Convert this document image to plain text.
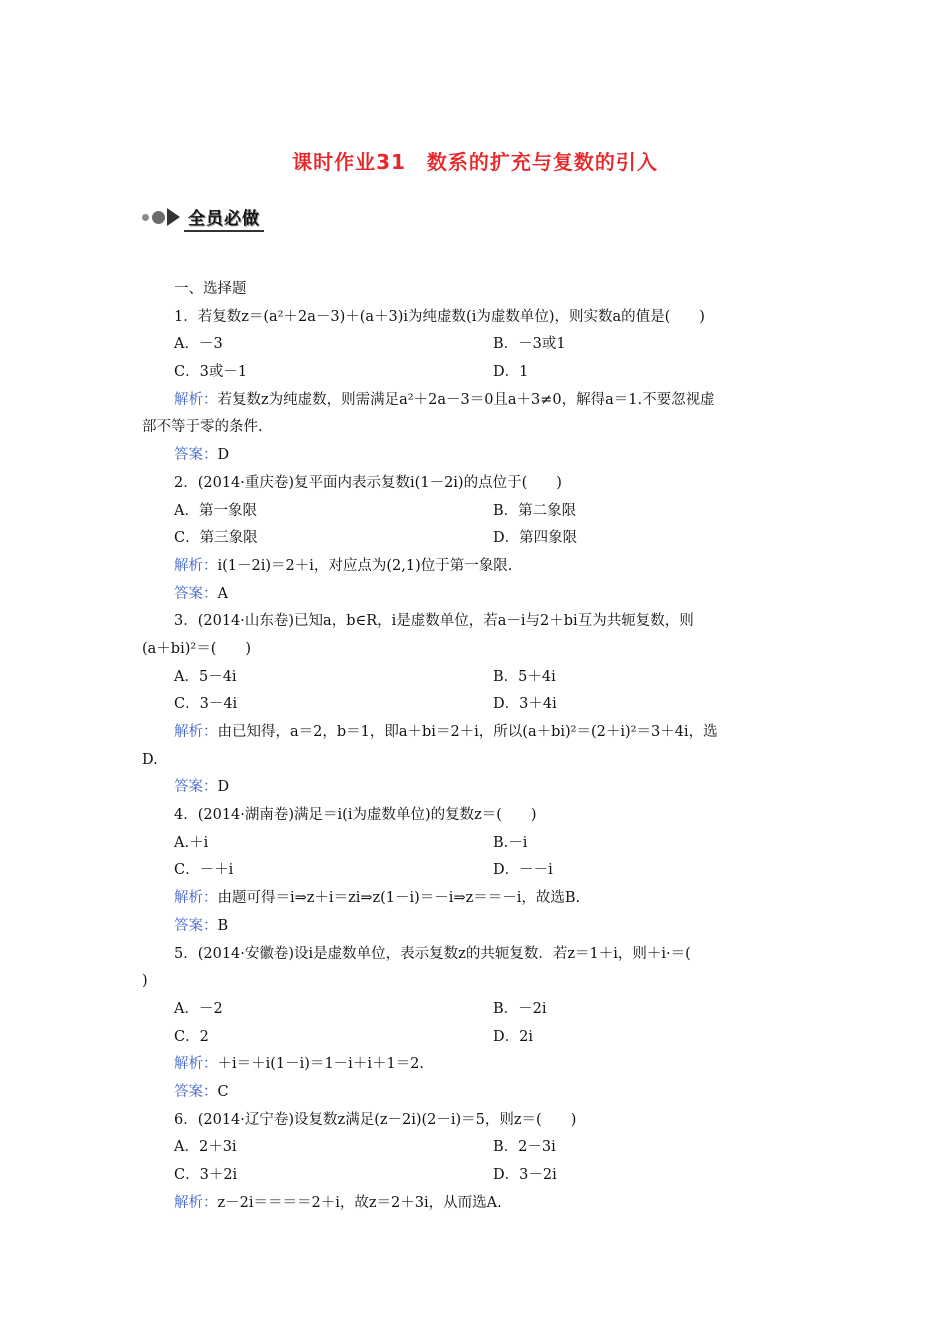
课时作业31　数系的扩充与复数的引入
全员必做
一、选择题
1．若复数z＝(a²＋2a－3)＋(a＋3)i为纯虚数(i为虚数单位)，则实数a的值是(　　)
A．－3	B．－3或1
C．3或－1	D．1
解析：若复数z为纯虚数，则需满足a²＋2a－3＝0且a＋3≠0，解得a＝1.不要忽视虚
部不等于零的条件.
答案：D
2．(2014·重庆卷)复平面内表示复数i(1－2i)的点位于(　　)
A．第一象限	B．第二象限
C．第三象限	D．第四象限
解析：i(1－2i)＝2＋i，对应点为(2,1)位于第一象限.
答案：A
3．(2014·山东卷)已知a，b∈R，i是虚数单位，若a－i与2＋bi互为共轭复数，则
(a＋bi)²＝(　　)
A．5－4i	B．5＋4i
C．3－4i	D．3＋4i
解析：由已知得，a＝2，b＝1，即a＋bi＝2＋i，所以(a＋bi)²＝(2＋i)²＝3＋4i，选
D.
答案：D
4．(2014·湖南卷)满足＝i(i为虚数单位)的复数z＝(　　)
A.＋i	B.－i
C．－＋i	D．－－i
解析：由题可得＝i⇒z＋i＝zi⇒z(1－i)＝－i⇒z＝＝－i，故选B.
答案：B
5．(2014·安徽卷)设i是虚数单位，表示复数z的共轭复数．若z＝1＋i，则＋i·＝(
)
A．－2	B．－2i
C．2	D．2i
解析：＋i＝＋i(1－i)＝1－i＋i＋1＝2.
答案：C
6．(2014·辽宁卷)设复数z满足(z－2i)(2－i)＝5，则z＝(　　)
A．2＋3i	B．2－3i
C．3＋2i	D．3－2i
解析：z－2i＝＝＝＝2＋i，故z＝2＋3i，从而选A.
